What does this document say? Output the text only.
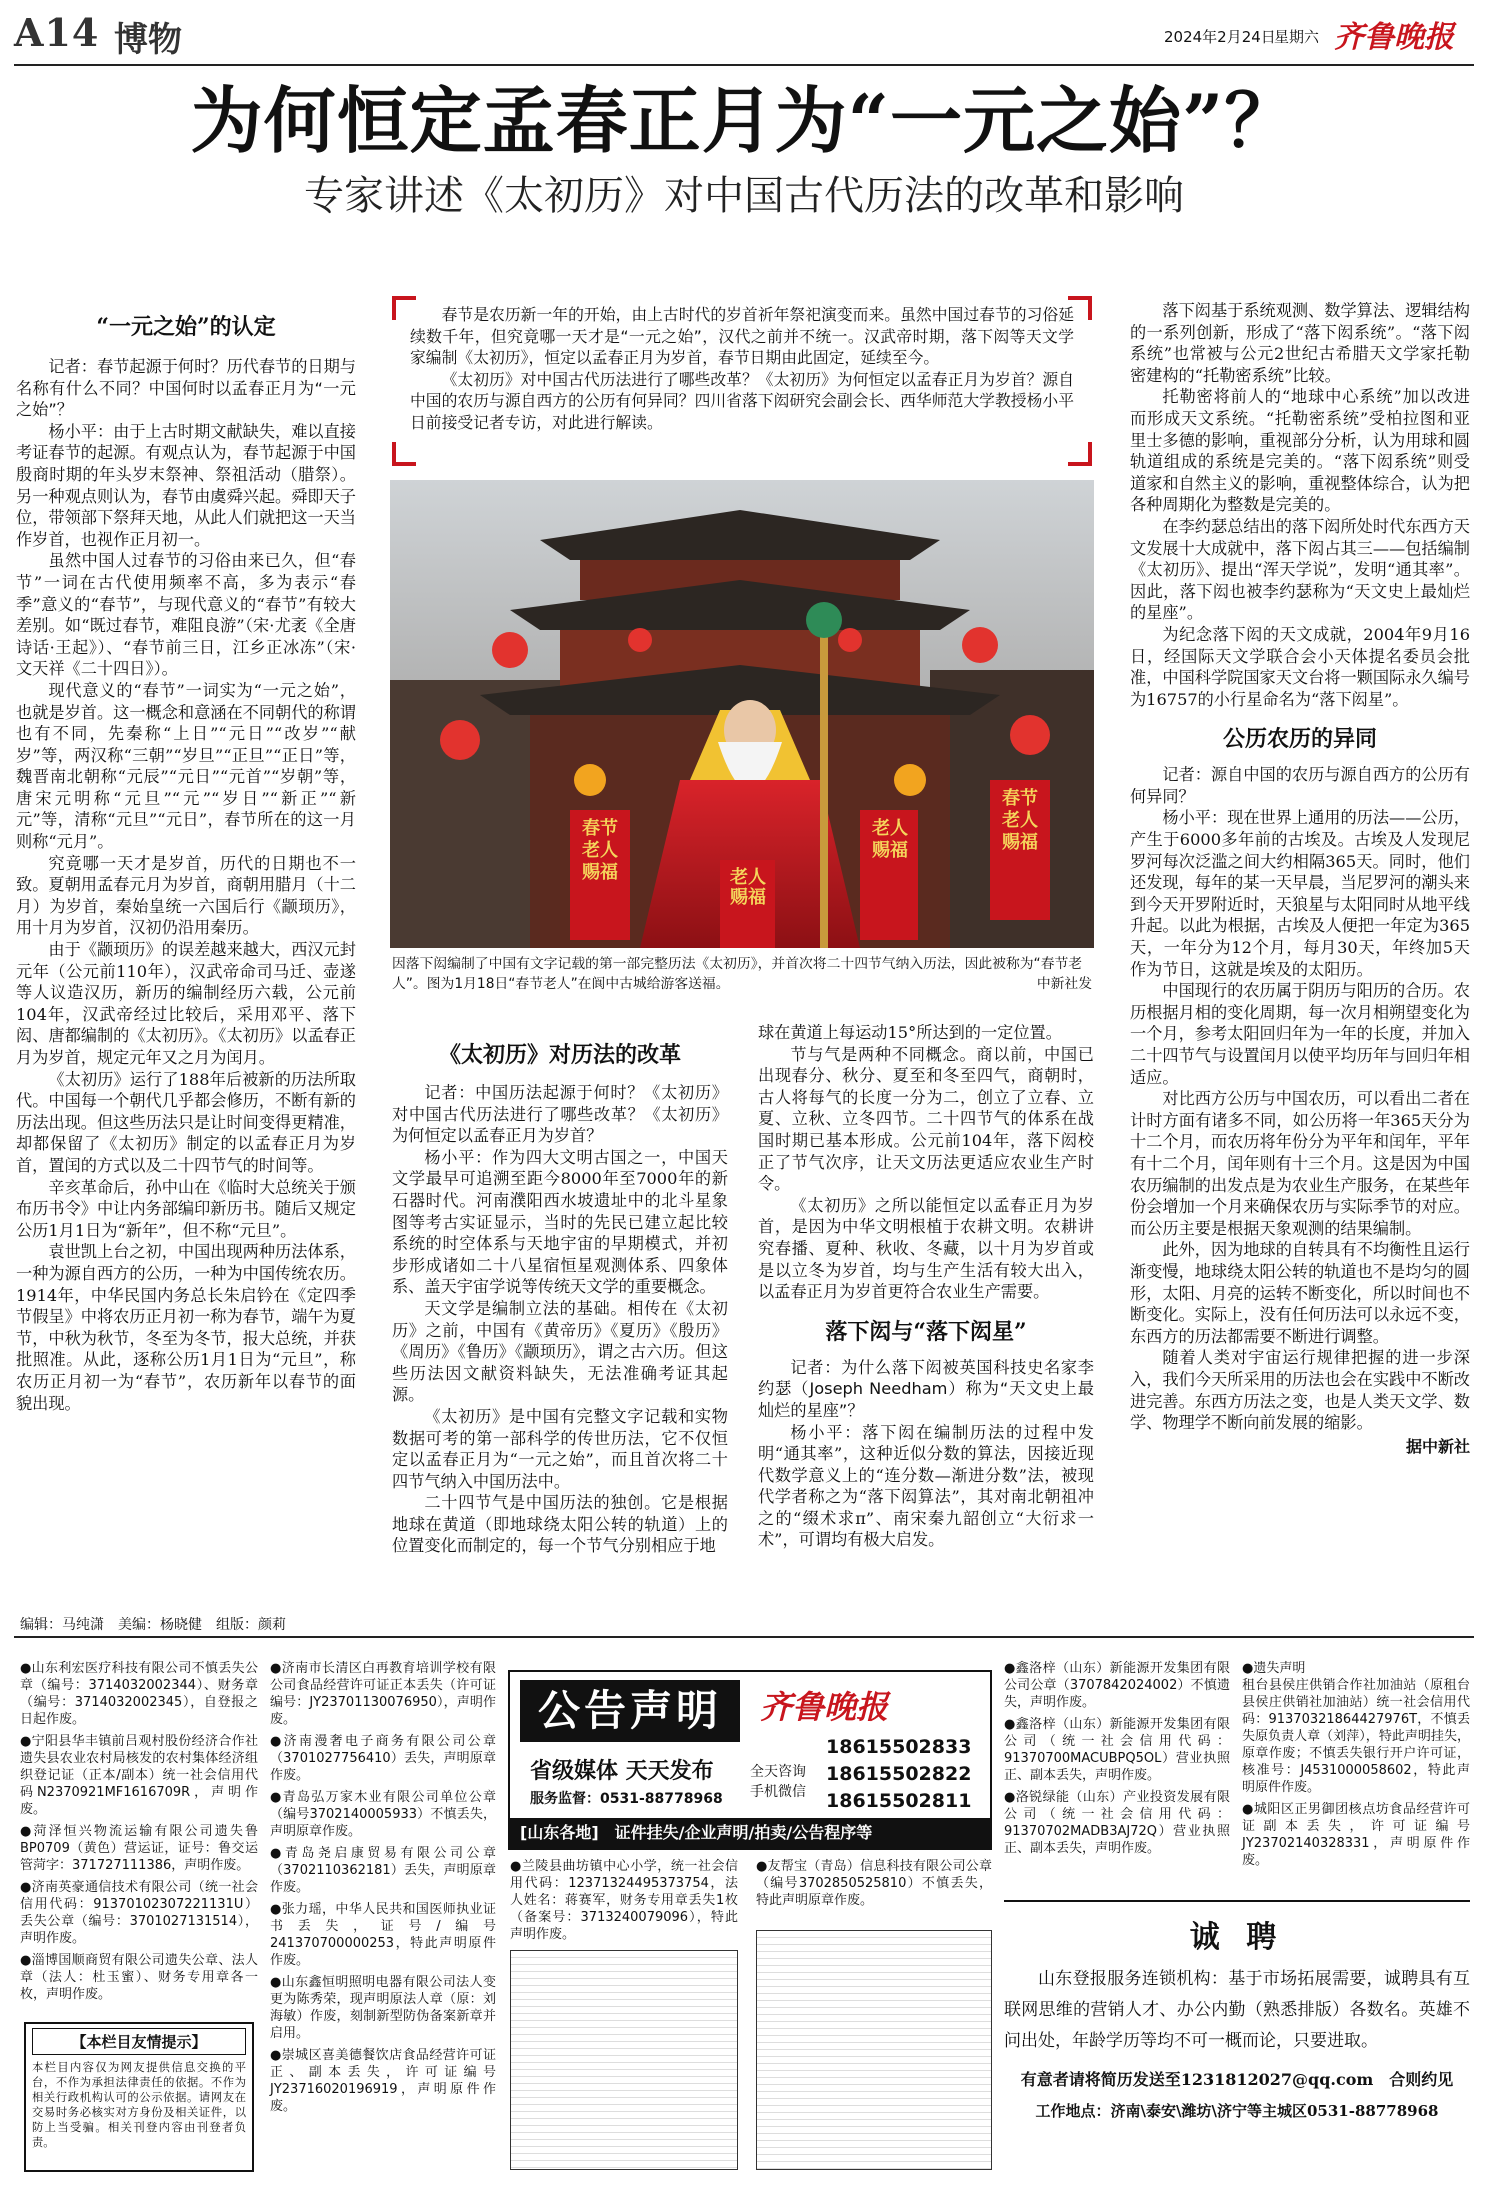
A14 博物	2024年2月24日
星期六 齐鲁晚报
为何恒定孟春正月为“一元之始”？
专家讲述《太初历》对中国古代历法的改革和影响
“一元之始”的认定

记者：春节起源于何时？历代春节的日期与名称有什么不同？中国何时以孟春正月为“一元之始”？

杨小平：由于上古时期文献缺失，难以直接考证春节的起源。有观点认为，春节起源于中国殷商时期的年头岁末祭神、祭祖活动（腊祭）。另一种观点则认为，春节由虞舜兴起。舜即天子位，带领部下祭拜天地，从此人们就把这一天当作岁首，也视作正月初一。

虽然中国人过春节的习俗由来已久，但“春节”一词在古代使用频率不高，多为表示“春季”意义的“春节”，与现代意义的“春节”有较大差别。如“既过春节，难阻良游”（宋·尤袤《全唐诗话·王起》）、“春节前三日，江乡正冰冻”（宋·文天祥《二十四日》）。

现代意义的“春节”一词实为“一元之始”，也就是岁首。这一概念和意涵在不同朝代的称谓也有不同，先秦称“上日”“元日”“改岁”“献岁”等，两汉称“三朝”“岁旦”“正旦”“正日”等，魏晋南北朝称“元辰”“元日”“元首”“岁朝”等，唐宋元明称“元旦”“元”“岁日”“新正”“新元”等，清称“元旦”“元日”，春节所在的这一月则称“元月”。

究竟哪一天才是岁首，历代的日期也不一致。夏朝用孟春元月为岁首，商朝用腊月（十二月）为岁首，秦始皇统一六国后行《颛顼历》，用十月为岁首，汉初仍沿用秦历。

由于《颛顼历》的误差越来越大，西汉元封元年（公元前110年），汉武帝命司马迁、壶遂等人议造汉历，新历的编制经历六载，公元前104年，汉武帝经过比较后，采用邓平、落下闳、唐都编制的《太初历》。《太初历》以孟春正月为岁首，规定元年又之月为闰月。

《太初历》运行了188年后被新的历法所取代。中国每一个朝代几乎都会修历，不断有新的历法出现。但这些历法只是让时间变得更精准，却都保留了《太初历》制定的以孟春正月为岁首，置闰的方式以及二十四节气的时间等。

辛亥革命后，孙中山在《临时大总统关于颁布历书令》中让内务部编印新历书。随后又规定公历1月1日为“新年”，但不称“元旦”。

袁世凯上台之初，中国出现两种历法体系，一种为源自西方的公历，一种为中国传统农历。1914年，中华民国内务总长朱启钤在《定四季节假呈》中将农历正月初一称为春节，端午为夏节，中秋为秋节，冬至为冬节，报大总统，并获批照准。从此，逐称公历1月1日为“元旦”，称农历正月初一为“春节”，农历新年以春节的面貌出现。

春节是农历新一年的开始，由上古时代的岁首祈年祭祀演变而来。虽然中国过春节的习俗延续数千年，但究竟哪一天才是“一元之始”，汉代之前并不统一。汉武帝时期，落下闳等天文学家编制《太初历》，恒定以孟春正月为岁首，春节日期由此固定，延续至今。

《太初历》对中国古代历法进行了哪些改革？《太初历》为何恒定以孟春正月为岁首？源自中国的农历与源自西方的公历有何异同？四川省落下闳研究会副会长、西华师范大学教授杨小平日前接受记者专访，对此进行解读。

春节老人赐福	老人赐福
老人赐福
春节老人赐福
因落下闳编制了中国有文字记载的第一部完整历法《太初历》，并首次将二十四节气纳入历法，因此被称为“春节老人”。图为1月18日“春节老人”在阆中古城给游客送福。	中新社发
《太初历》对历法的改革

记者：中国历法起源于何时？《太初历》对中国古代历法进行了哪些改革？《太初历》为何恒定以孟春正月为岁首？

杨小平：作为四大文明古国之一，中国天文学最早可追溯至距今8000年至7000年的新石器时代。河南濮阳西水坡遗址中的北斗星象图等考古实证显示，当时的先民已建立起比较系统的时空体系与天地宇宙的早期模式，并初步形成诸如二十八星宿恒星观测体系、四象体系、盖天宇宙学说等传统天文学的重要概念。

天文学是编制立法的基础。相传在《太初历》之前，中国有《黄帝历》《夏历》《殷历》《周历》《鲁历》《颛顼历》，谓之古六历。但这些历法因文献资料缺失，无法准确考证其起源。

《太初历》是中国有完整文字记载和实物数据可考的第一部科学的传世历法，它不仅恒定以孟春正月为“一元之始”，而且首次将二十四节气纳入中国历法中。

二十四节气是中国历法的独创。它是根据地球在黄道（即地球绕太阳公转的轨道）上的位置变化而制定的，每一个节气分别相应于地

球在黄道上每运动15°所达到的一定位置。

节与气是两种不同概念。商以前，中国已出现春分、秋分、夏至和冬至四气，商朝时，古人将每气的长度一分为二，创立了立春、立夏、立秋、立冬四节。二十四节气的体系在战国时期已基本形成。公元前104年，落下闳校正了节气次序，让天文历法更适应农业生产时令。

《太初历》之所以能恒定以孟春正月为岁首，是因为中华文明根植于农耕文明。农耕讲究春播、夏种、秋收、冬藏，以十月为岁首或是以立冬为岁首，均与生产生活有较大出入，以孟春正月为岁首更符合农业生产需要。

落下闳与“落下闳星”

记者：为什么落下闳被英国科技史名家李约瑟（Joseph Needham）称为“天文史上最灿烂的星座”？

杨小平：落下闳在编制历法的过程中发明“通其率”，这种近似分数的算法，因接近现代数学意义上的“连分数—渐进分数”法，被现代学者称之为“落下闳算法”，其对南北朝祖冲之的“缀术求π”、南宋秦九韶创立“大衍求一术”，可谓均有极大启发。

落下闳基于系统观测、数学算法、逻辑结构的一系列创新，形成了“落下闳系统”。“落下闳系统”也常被与公元2世纪古希腊天文学家托勒密建构的“托勒密系统”比较。

托勒密将前人的“地球中心系统”加以改进而形成天文系统。“托勒密系统”受柏拉图和亚里士多德的影响，重视部分分析，认为用球和圆轨道组成的系统是完美的。“落下闳系统”则受道家和自然主义的影响，重视整体综合，认为把各种周期化为整数是完美的。

在李约瑟总结出的落下闳所处时代东西方天文发展十大成就中，落下闳占其三——包括编制《太初历》、提出“浑天学说”，发明“通其率”。因此，落下闳也被李约瑟称为“天文史上最灿烂的星座”。

为纪念落下闳的天文成就，2004年9月16日，经国际天文学联合会小天体提名委员会批准，中国科学院国家天文台将一颗国际永久编号为16757的小行星命名为“落下闳星”。

公历农历的异同

记者：源自中国的农历与源自西方的公历有何异同？

杨小平：现在世界上通用的历法——公历，产生于6000多年前的古埃及。古埃及人发现尼罗河每次泛滥之间大约相隔365天。同时，他们还发现，每年的某一天早晨，当尼罗河的潮头来到今天开罗附近时，天狼星与太阳同时从地平线升起。以此为根据，古埃及人便把一年定为365天，一年分为12个月，每月30天，年终加5天作为节日，这就是埃及的太阳历。

中国现行的农历属于阴历与阳历的合历。农历根据月相的变化周期，每一次月相朔望变化为一个月，参考太阳回归年为一年的长度，并加入二十四节气与设置闰月以使平均历年与回归年相适应。

对比西方公历与中国农历，可以看出二者在计时方面有诸多不同，如公历将一年365天分为十二个月，而农历将年份分为平年和闰年，平年有十二个月，闰年则有十三个月。这是因为中国农历编制的出发点是为农业生产服务，在某些年份会增加一个月来确保农历与实际季节的对应。而公历主要是根据天象观测的结果编制。

此外，因为地球的自转具有不均衡性且运行渐变慢，地球绕太阳公转的轨道也不是均匀的圆形，太阳、月亮的运转不断变化，所以时间也不断变化。实际上，没有任何历法可以永远不变，东西方的历法都需要不断进行调整。

随着人类对宇宙运行规律把握的进一步深入，我们今天所采用的历法也会在实践中不断改进完善。东西方历法之变，也是人类天文学、数学、物理学不断向前发展的缩影。

据中新社
编辑：马纯潇　美编：杨晓健　组版：颜莉
●山东利宏医疗科技有限公司不慎丢失公章（编号：3714032002344）、财务章（编号：3714032002345），自登报之日起作废。
●宁阳县华丰镇前吕观村股份经济合作社遗失县农业农村局核发的农村集体经济组织登记证（正本/副本）统一社会信用代码N2370921MF1616709R，声明作废。
●菏泽恒兴物流运输有限公司遗失鲁BP0709（黄色）营运证，证号：鲁交运管菏字：371727111386，声明作废。
●济南英豪通信技术有限公司（统一社会信用代码：91370102307221131U）丢失公章（编号：3701027131514），声明作废。
●淄博国顺商贸有限公司遗失公章、法人章（法人：杜玉蜜）、财务专用章各一枚，声明作废。
【本栏目友情提示】
本栏目内容仅为网友提供信息交换的平台，不作为承担法律责任的依据。不作为相关行政机构认可的公示依据。请网友在交易时务必核实对方身份及相关证件，以防上当受骗。相关刊登内容由刊登者负责。
●济南市长清区白再教育培训学校有限公司食品经营许可证正本丢失（许可证编号：JY23701130076950），声明作废。
●济南漫奢电子商务有限公司公章（3701027756410）丢失，声明原章作废。
●青岛弘万家木业有限公司单位公章（编号3702140005933）不慎丢失，声明原章作废。
●青岛尧启康贸易有限公司公章（3702110362181）丢失，声明原章作废。
●张力瑶，中华人民共和国医师执业证书丢失，证号/编号241370700000253，特此声明原件作废。
●山东鑫恒明照明电器有限公司法人变更为陈秀荣，现声明原法人章（原：刘海敏）作废，刻制新型防伪备案新章并启用。
●崇城区喜美德餐饮店食品经营许可证正、副本丢失，许可证编号JY23716020196919，声明原件作废。
公告声明	齐鲁晚报
省级媒体 天天发布	全天咨询 手机微信
18615502833
18615502822
18615502811
服务监督：0531-88778968
[山东各地]　 证件挂失/企业声明/拍卖/公告程序等
●兰陵县曲坊镇中心小学，统一社会信用代码：12371324495373754，法人姓名：蒋赛军，财务专用章丢失1枚（备案号：3713240079096），特此声明作废。
●友帮宝（青岛）信息科技有限公司公章（编号3702850525810）不慎丢失，特此声明原章作废。
●鑫洛梓（山东）新能源开发集团有限公司公章（3707842024002）不慎遗失，声明作废。
●鑫洛梓（山东）新能源开发集团有限公司（统一社会信用代码：91370700MACUBPQ5OL）营业执照正、副本丢失，声明作废。
●洛锐绿能（山东）产业投资发展有限公司（统一社会信用代码：91370702MADB3AJ72Q）营业执照正、副本丢失，声明作废。
●遗失声明
租台县侯庄供销合作社加油站（原租台县侯庄供销社加油站）统一社会信用代码：91370321864427976T，不慎丢失原负责人章（刘萍），特此声明挂失，原章作废；不慎丢失银行开户许可证，核准号：J4531000058602，特此声明原件作废。
●城阳区正男御团核点坊食品经营许可证副本丢失，许可证编号JY23702140328331，声明原件作废。
诚 聘
山东登报服务连锁机构：基于市场拓展需要，诚聘具有互联网思维的营销人才、办公内勤（熟悉排版）各数名。英雄不问出处，年龄学历等均不可一概而论，只要进取。
有意者请将简历发送至1231812027@qq.com　合则约见
工作地点：济南\泰安\潍坊\济宁等主城区0531-88778968
